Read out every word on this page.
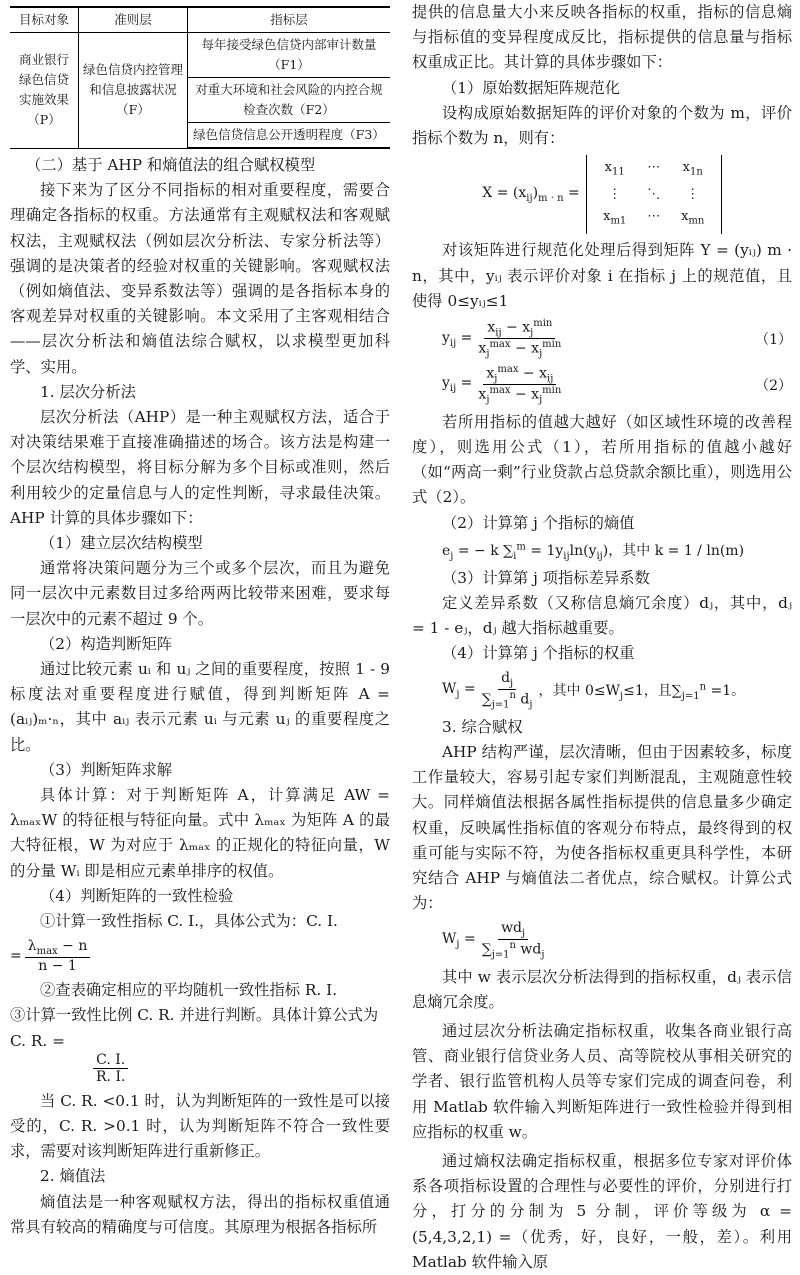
目标对象	准则层	指标层
商业银行绿色信贷实施效果（P）	绿色信贷内控管理和信息披露状况（F）	每年接受绿色信贷内部审计数量（F1）
		对重大环境和社会风险的内控合规检查次数（F2）
		绿色信贷信息公开透明程度（F3）

（二）基于 AHP 和熵值法的组合赋权模型

接下来为了区分不同指标的相对重要程度，需要合理确定各指标的权重。方法通常有主观赋权法和客观赋权法，主观赋权法（例如层次分析法、专家分析法等）强调的是决策者的经验对权重的关键影响。客观赋权法（例如熵值法、变异系数法等）强调的是各指标本身的客观差异对权重的关键影响。本文采用了主客观相结合——层次分析法和熵值法综合赋权，以求模型更加科学、实用。

1. 层次分析法

层次分析法（AHP）是一种主观赋权方法，适合于对决策结果难于直接准确描述的场合。该方法是构建一个层次结构模型，将目标分解为多个目标或准则，然后利用较少的定量信息与人的定性判断，寻求最佳决策。AHP 计算的具体步骤如下：

（1）建立层次结构模型

通常将决策问题分为三个或多个层次，而且为避免同一层次中元素数目过多给两两比较带来困难，要求每一层次中的元素不超过 9 个。

（2）构造判断矩阵

通过比较元素 uᵢ 和 uⱼ 之间的重要程度，按照 1 - 9 标度法对重要程度进行赋值，得到判断矩阵 A = (aᵢⱼ)ₘ·ₙ，其中 aᵢⱼ 表示元素 uᵢ 与元素 uⱼ 的重要程度之比。

（3）判断矩阵求解

具体计算：对于判断矩阵 A，计算满足 AW = λₘₐₓW 的特征根与特征向量。式中 λₘₐₓ 为矩阵 A 的最大特征根，W 为对应于 λₘₐₓ 的正规化的特征向量，W 的分量 Wᵢ 即是相应元素单排序的权值。

（4）判断矩阵的一致性检验

①计算一致性指标 C. I.，具体公式为：C. I.

= $\frac{\lambda_{max} - n}{n - 1}$

②查表确定相应的平均随机一致性指标 R. I.

③计算一致性比例 C. R. 并进行判断。具体计算公式为 C. R. =

$\frac{C. I.}{R. I.}$

当 C. R. <0.1 时，认为判断矩阵的一致性是可以接受的，C. R. >0.1 时，认为判断矩阵不符合一致性要求，需要对该判断矩阵进行重新修正。

2. 熵值法

熵值法是一种客观赋权方法，得出的指标权重值通常具有较高的精确度与可信度。其原理为根据各指标所

提供的信息量大小来反映各指标的权重，指标的信息熵与指标值的变异程度成反比，指标提供的信息量与指标权重成正比。其计算的具体步骤如下：

（1）原始数据矩阵规范化

设构成原始数据矩阵的评价对象的个数为 m，评价指标个数为 n，则有：

$X = (x_{ij})_{m \cdot n}$ =
$x_{11}$	⋯	$x_{1n}$
⋮	⋱	⋮
$x_{m1}$	⋯	$x_{mn}$

对该矩阵进行规范化处理后得到矩阵 Y = (yᵢⱼ) m · n，其中，yᵢⱼ 表示评价对象 i 在指标 j 上的规范值，且使得 0≤yᵢⱼ≤1

$y_{ij} = \frac{x_{ij} - x_j^{min}}{x_j^{max} - x_j^{min}}$	（1）
$y_{ij} = \frac{x_j^{max} - x_{ij}}{x_j^{max} - x_j^{min}}$	（2）

若所用指标的值越大越好（如区域性环境的改善程度），则选用公式（1），若所用指标的值越小越好（如“两高一剩”行业贷款占总贷款余额比重），则选用公式（2）。

（2）计算第 j 个指标的熵值

$e_j$ = − k $\sum_i^m = 1y_{ij}\ln(y_{ij})$，其中 k = 1 / ln(m)

（3）计算第 j 项指标差异系数

定义差异系数（又称信息熵冗余度）dⱼ，其中，dⱼ = 1 - eⱼ，dⱼ 越大指标越重要。

（4）计算第 j 个指标的权重

$W_j = \frac{d_j}{\sum_{j=1}^n d_j}$ ，其中 $0\le W_j\le 1$，且$\sum_{j=1}^n =1$。

3. 综合赋权

AHP 结构严谨，层次清晰，但由于因素较多，标度工作量较大，容易引起专家们判断混乱，主观随意性较大。同样熵值法根据各属性指标提供的信息量多少确定权重，反映属性指标值的客观分布特点，最终得到的权重可能与实际不符，为使各指标权重更具科学性，本研究结合 AHP 与熵值法二者优点，综合赋权。计算公式为：

$W_j = \frac{wd_j}{\sum_{j=1}^n wd_j}$

其中 w 表示层次分析法得到的指标权重，dⱼ 表示信息熵冗余度。

通过层次分析法确定指标权重，收集各商业银行高管、商业银行信贷业务人员、高等院校从事相关研究的学者、银行监管机构人员等专家们完成的调查问卷，利用 Matlab 软件输入判断矩阵进行一致性检验并得到相应指标的权重 w。

通过熵权法确定指标权重，根据多位专家对评价体系各项指标设置的合理性与必要性的评价，分别进行打分，打分的分制为 5 分制，评价等级为 α = (5,4,3,2,1) =（优秀，好，良好，一般，差）。利用 Matlab 软件输入原
